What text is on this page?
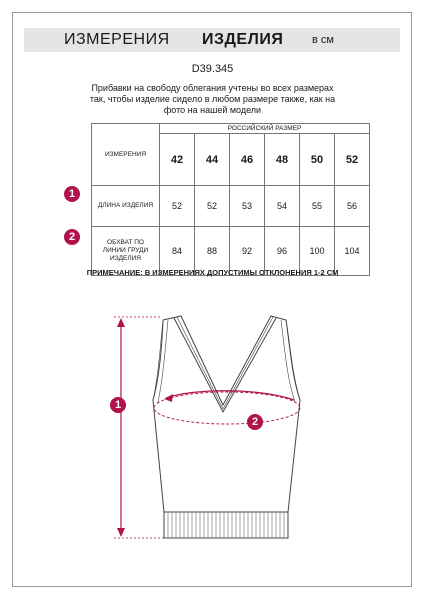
ИЗМЕРЕНИЯ ИЗДЕЛИЯ	в см
D39.345
Прибавки на свободу облегания учтены во всех размерах
так, чтобы изделие сидело в любом размере также, как на
фото на нашей модели
ИЗМЕРЕНИЯ	РОССИЙСКИЙ РАЗМЕР					
	42	44	46	48	50	52
ДЛИНА ИЗДЕЛИЯ	52	52	53	54	55	56

ОБХВАТ ПО
ЛИНИИ ГРУДИ
ИЗДЕЛИЯ	84	88	92	96	100	104
1
2
ПРИМЕЧАНИЕ: В ИЗМЕРЕНИЯХ ДОПУСТИМЫ ОТКЛОНЕНИЯ 1-2 СМ
1
2
